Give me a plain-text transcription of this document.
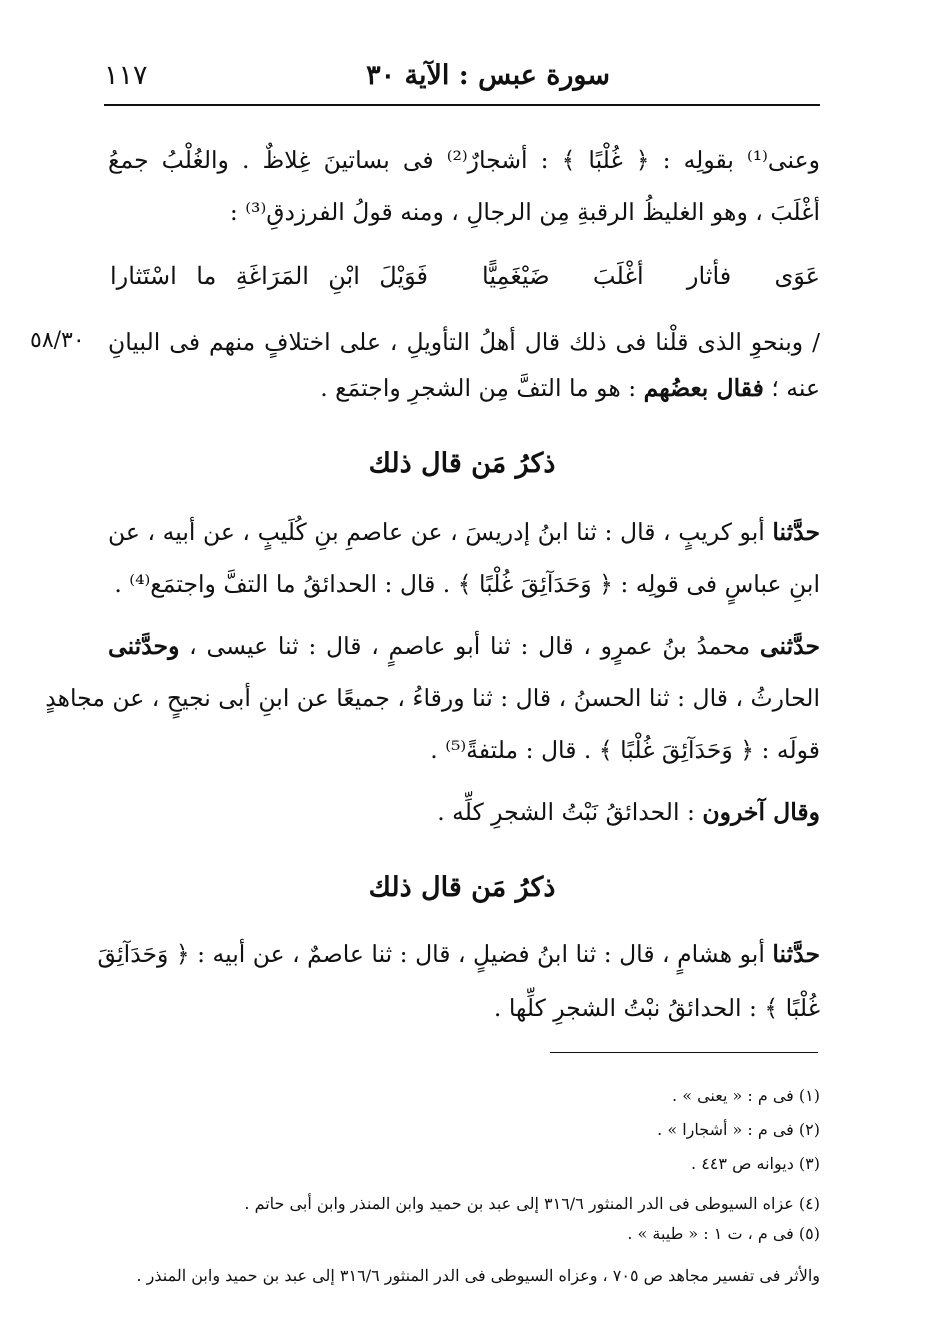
سورة عبس : الآية ٣٠
١١٧
وعنى⁽¹⁾ بقولِه : ﴿ غُلْبًا ﴾ : أشجارٌ⁽²⁾ فى بساتينَ غِلاظٌ . والغُلْبُ جمعُ
أغْلَبَ ، وهو الغليظُ الرقبةِ مِن الرجالِ ، ومنه قولُ الفرزدقِ⁽³⁾ :
عَوَى فأثار أغْلَبَ ضَيْغَمِيًّا
فَوَيْلَ ابْنِ المَرَاغَةِ ما اسْتَثارا
/ وبنحوِ الذى قلْنا فى ذلك قال أهلُ التأويلِ ، على اختلافٍ منهم فى البيانِ
٥٨/٣٠
عنه ؛ فقال بعضُهم : هو ما التفَّ مِن الشجرِ واجتمَع .
ذكرُ مَن قال ذلك
حدَّثنا أبو كريبٍ ، قال : ثنا ابنُ إدريسَ ، عن عاصمِ بنِ كُلَيبٍ ، عن أبيه ، عن
ابنِ عباسٍ فى قولِه : ﴿ وَحَدَآئِقَ غُلْبًا ﴾ . قال : الحدائقُ ما التفَّ واجتمَع⁽⁴⁾ .
حدَّثنى محمدُ بنُ عمرٍو ، قال : ثنا أبو عاصمٍ ، قال : ثنا عيسى ، وحدَّثنى
الحارثُ ، قال : ثنا الحسنُ ، قال : ثنا ورقاءُ ، جميعًا عن ابنِ أبى نجيحٍ ، عن مجاهدٍ
قولَه : ﴿ وَحَدَآئِقَ غُلْبًا ﴾ . قال : ملتفةً⁽⁵⁾ .
وقال آخرون : الحدائقُ نَبْتُ الشجرِ كلِّه .
ذكرُ مَن قال ذلك
حدَّثنا أبو هشامٍ ، قال : ثنا ابنُ فضيلٍ ، قال : ثنا عاصمٌ ، عن أبيه : ﴿ وَحَدَآئِقَ
غُلْبًا ﴾ : الحدائقُ نبْتُ الشجرِ كلِّها .
(١) فى م : « يعنى » .
(٢) فى م : « أشجارا » .
(٣) ديوانه ص ٤٤٣ .
(٤) عزاه السيوطى فى الدر المنثور ٣١٦/٦ إلى عبد بن حميد وابن المنذر وابن أبى حاتم .
(٥) فى م ، ت ١ : « طيبة » .
والأثر فى تفسير مجاهد ص ٧٠٥ ، وعزاه السيوطى فى الدر المنثور ٣١٦/٦ إلى عبد بن حميد وابن المنذر .
